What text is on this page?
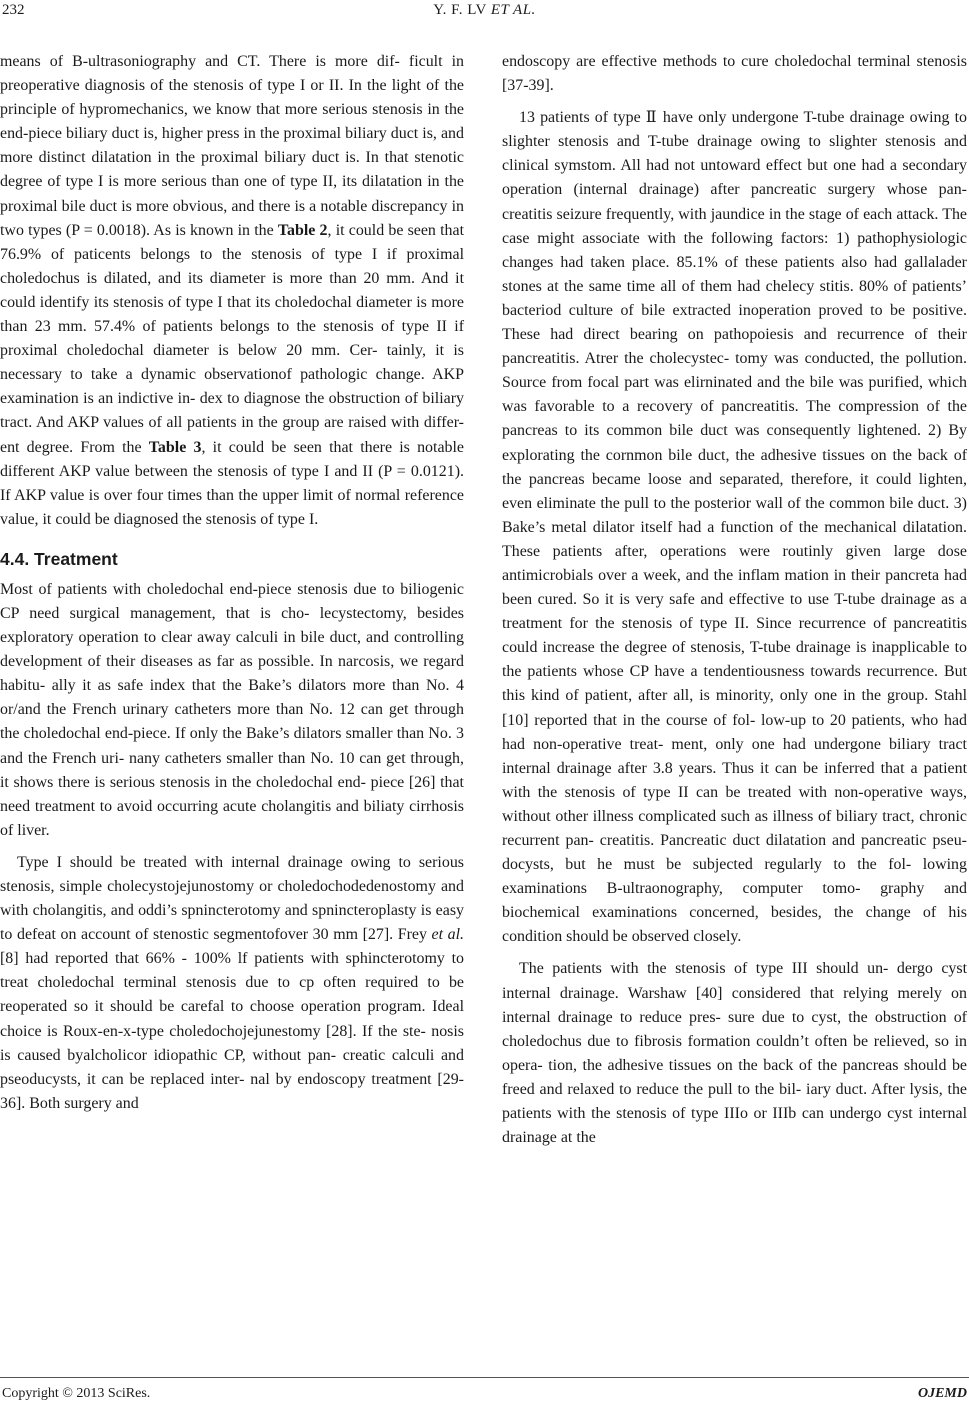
232	Y. F. LV ET AL.

means of B-ultrasoniography and CT. There is more dif- ficult in preoperative diagnosis of the stenosis of type I or II. In the light of the principle of hypromechanics, we know that more serious stenosis in the end-piece biliary duct is, higher press in the proximal biliary duct is, and more distinct dilatation in the proximal biliary duct is. In that stenotic degree of type I is more serious than one of type II, its dilatation in the proximal bile duct is more obvious, and there is a notable discrepancy in two types (P = 0.0018). As is known in the Table 2, it could be seen that 76.9% of paticents belongs to the stenosis of type I if proximal choledochus is dilated, and its diameter is more than 20 mm. And it could identify its stenosis of type I that its choledochal diameter is more than 23 mm. 57.4% of patients belongs to the stenosis of type II if proximal choledochal diameter is below 20 mm. Cer- tainly, it is necessary to take a dynamic observationof pathologic change. AKP examination is an indictive in- dex to diagnose the obstruction of biliary tract. And AKP values of all patients in the group are raised with differ- ent degree. From the Table 3, it could be seen that there is notable different AKP value between the stenosis of type I and II (P = 0.0121). If AKP value is over four times than the upper limit of normal reference value, it could be diagnosed the stenosis of type I.

4.4. Treatment

Most of patients with choledochal end-piece stenosis due to biliogenic CP need surgical management, that is cho- lecystectomy, besides exploratory operation to clear away calculi in bile duct, and controlling development of their diseases as far as possible. In narcosis, we regard habitu- ally it as safe index that the Bake’s dilators more than No. 4 or/and the French urinary catheters more than No. 12 can get through the choledochal end-piece. If only the Bake’s dilators smaller than No. 3 and the French uri- nany catheters smaller than No. 10 can get through, it shows there is serious stenosis in the choledochal end- piece [26] that need treatment to avoid occurring acute cholangitis and biliaty cirrhosis of liver.

Type I should be treated with internal drainage owing to serious stenosis, simple cholecystojejunostomy or choledochodedenostomy and with cholangitis, and oddi’s spnincterotomy and spnincteroplasty is easy to defeat on account of stenostic segmentofover 30 mm [27]. Frey et al. [8] had reported that 66% - 100% lf patients with sphincterotomy to treat choledochal terminal stenosis due to cp often required to be reoperated so it should be carefal to choose operation program. Ideal choice is Roux-en-x-type choledochojejunestomy [28]. If the ste- nosis is caused byalcholicor idiopathic CP, without pan- creatic calculi and pseoducysts, it can be replaced inter- nal by endoscopy treatment [29-36]. Both surgery and

endoscopy are effective methods to cure choledochal terminal stenosis [37-39].

13 patients of type Ⅱ have only undergone T-tube drainage owing to slighter stenosis and T-tube drainage owing to slighter stenosis and clinical symstom. All had not untoward effect but one had a secondary operation (internal drainage) after pancreatic surgery whose pan- creatitis seizure frequently, with jaundice in the stage of each attack. The case might associate with the following factors: 1) pathophysiologic changes had taken place. 85.1% of these patients also had gallalader stones at the same time all of them had chelecy stitis. 80% of patients’ bacteriod culture of bile extracted inoperation proved to be positive. These had direct bearing on pathopoiesis and recurrence of their pancreatitis. Atrer the cholecystec- tomy was conducted, the pollution. Source from focal part was elirninated and the bile was purified, which was favorable to a recovery of pancreatitis. The compression of the pancreas to its common bile duct was consequently lightened. 2) By explorating the cornmon bile duct, the adhesive tissues on the back of the pancreas became loose and separated, therefore, it could lighten, even eliminate the pull to the posterior wall of the common bile duct. 3) Bake’s metal dilator itself had a function of the mechanical dilatation. These patients after, operations were routinly given large dose antimicrobials over a week, and the inflam mation in their pancreta had been cured. So it is very safe and effective to use T-tube drainage as a treatment for the stenosis of type II. Since recurrence of pancreatitis could increase the degree of stenosis, T-tube drainage is inapplicable to the patients whose CP have a tendentiousness towards recurrence. But this kind of patient, after all, is minority, only one in the group. Stahl [10] reported that in the course of fol- low-up to 20 patients, who had had non-operative treat- ment, only one had undergone biliary tract internal drainage after 3.8 years. Thus it can be inferred that a patient with the stenosis of type II can be treated with non-operative ways, without other illness complicated such as illness of biliary tract, chronic recurrent pan- creatitis. Pancreatic duct dilatation and pancreatic pseu- docysts, but he must be subjected regularly to the fol- lowing examinations B-ultraonography, computer tomo- graphy and biochemical examinations concerned, besides, the change of his condition should be observed closely.

The patients with the stenosis of type III should un- dergo cyst internal drainage. Warshaw [40] considered that relying merely on internal drainage to reduce pres- sure due to cyst, the obstruction of choledochus due to fibrosis formation couldn’t often be relieved, so in opera- tion, the adhesive tissues on the back of the pancreas should be freed and relaxed to reduce the pull to the bil- iary duct. After lysis, the patients with the stenosis of type IIIo or IIIb can undergo cyst internal drainage at the

Copyright © 2013 SciRes.	OJEMD
